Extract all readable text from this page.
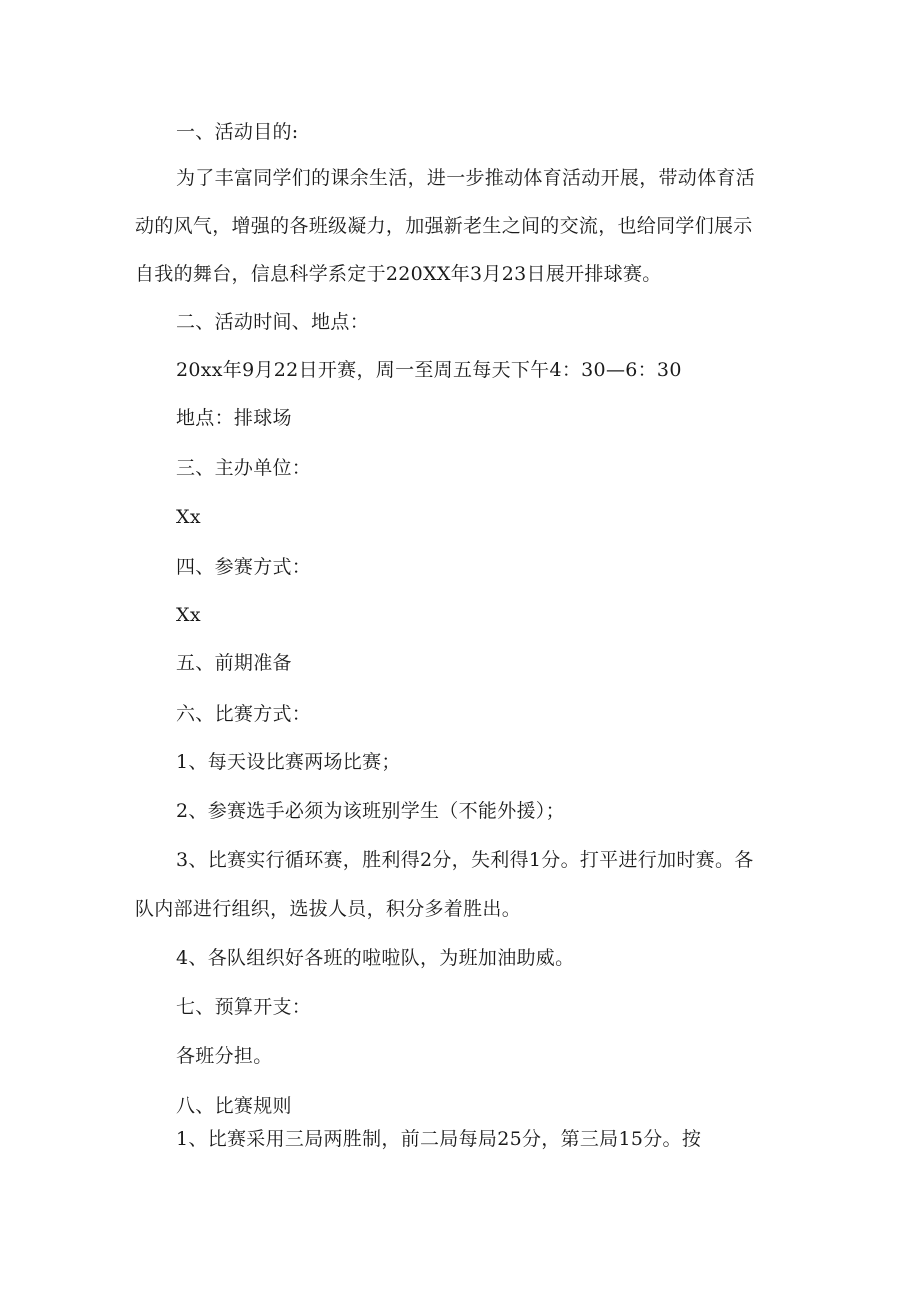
一、活动目的:
为了丰富同学们的课余生活，进一步推动体育活动开展，带动体育活
动的风气，增强的各班级凝力，加强新老生之间的交流，也给同学们展示
自我的舞台，信息科学系定于220XX年3月23日展开排球赛。
二、活动时间、地点：
20xx年9月22日开赛，周一至周五每天下午4：30—6：30
地点：排球场
三、主办单位：
Xx
四、参赛方式：
Xx
五、前期准备
六、比赛方式：
1、每天设比赛两场比赛；
2、参赛选手必须为该班别学生（不能外援）；
3、比赛实行循环赛，胜利得2分，失利得1分。打平进行加时赛。各
队内部进行组织，选拔人员，积分多着胜出。
4、各队组织好各班的啦啦队，为班加油助威。
七、预算开支：
各班分担。
八、比赛规则
1、比赛采用三局两胜制，前二局每局25分，第三局15分。按
